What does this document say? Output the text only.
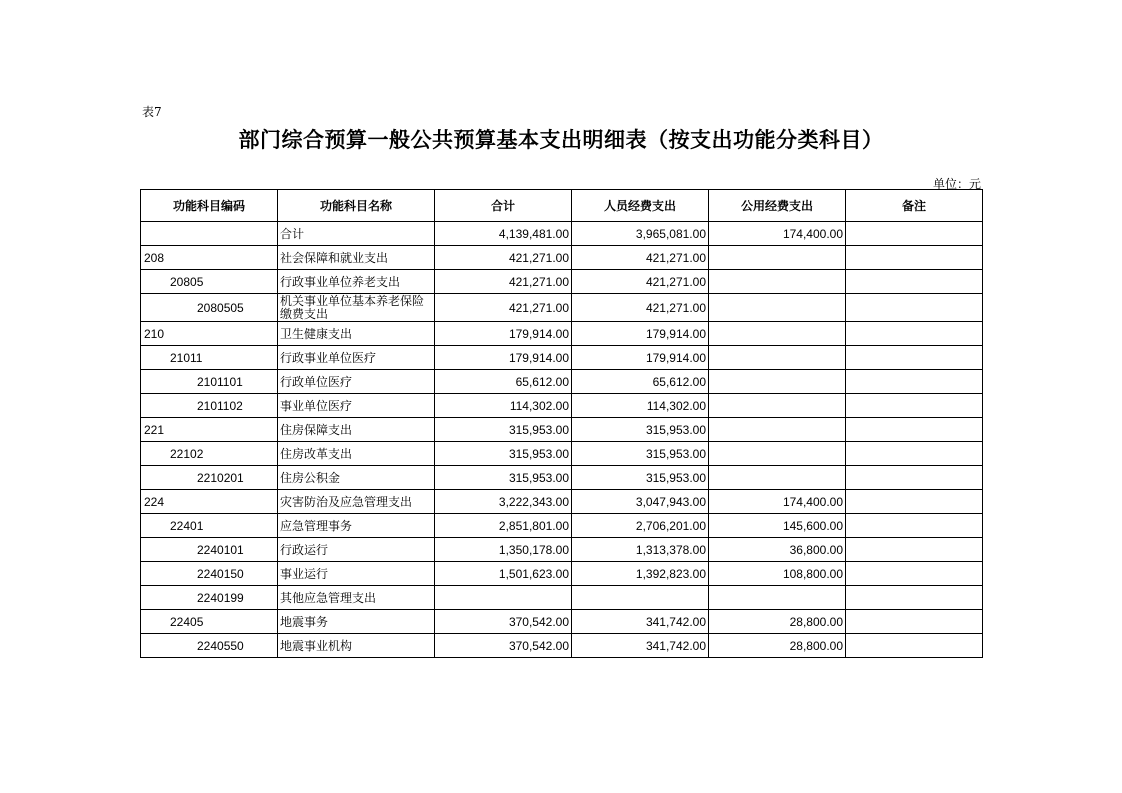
表7
部门综合预算一般公共预算基本支出明细表（按支出功能分类科目）
单位：元
功能科目编码	功能科目名称	合计	人员经费支出	公用经费支出	备注
	合计	4,139,481.00	3,965,081.00	174,400.00	
208	社会保障和就业支出	421,271.00	421,271.00		
20805	行政事业单位养老支出	421,271.00	421,271.00		
2080505	机关事业单位基本养老保险缴费支出	421,271.00	421,271.00		
210	卫生健康支出	179,914.00	179,914.00		
21011	行政事业单位医疗	179,914.00	179,914.00		
2101101	行政单位医疗	65,612.00	65,612.00		
2101102	事业单位医疗	114,302.00	114,302.00		
221	住房保障支出	315,953.00	315,953.00		
22102	住房改革支出	315,953.00	315,953.00		
2210201	住房公积金	315,953.00	315,953.00		
224	灾害防治及应急管理支出	3,222,343.00	3,047,943.00	174,400.00	
22401	应急管理事务	2,851,801.00	2,706,201.00	145,600.00	
2240101	行政运行	1,350,178.00	1,313,378.00	36,800.00	
2240150	事业运行	1,501,623.00	1,392,823.00	108,800.00	
2240199	其他应急管理支出				
22405	地震事务	370,542.00	341,742.00	28,800.00	
2240550	地震事业机构	370,542.00	341,742.00	28,800.00	
